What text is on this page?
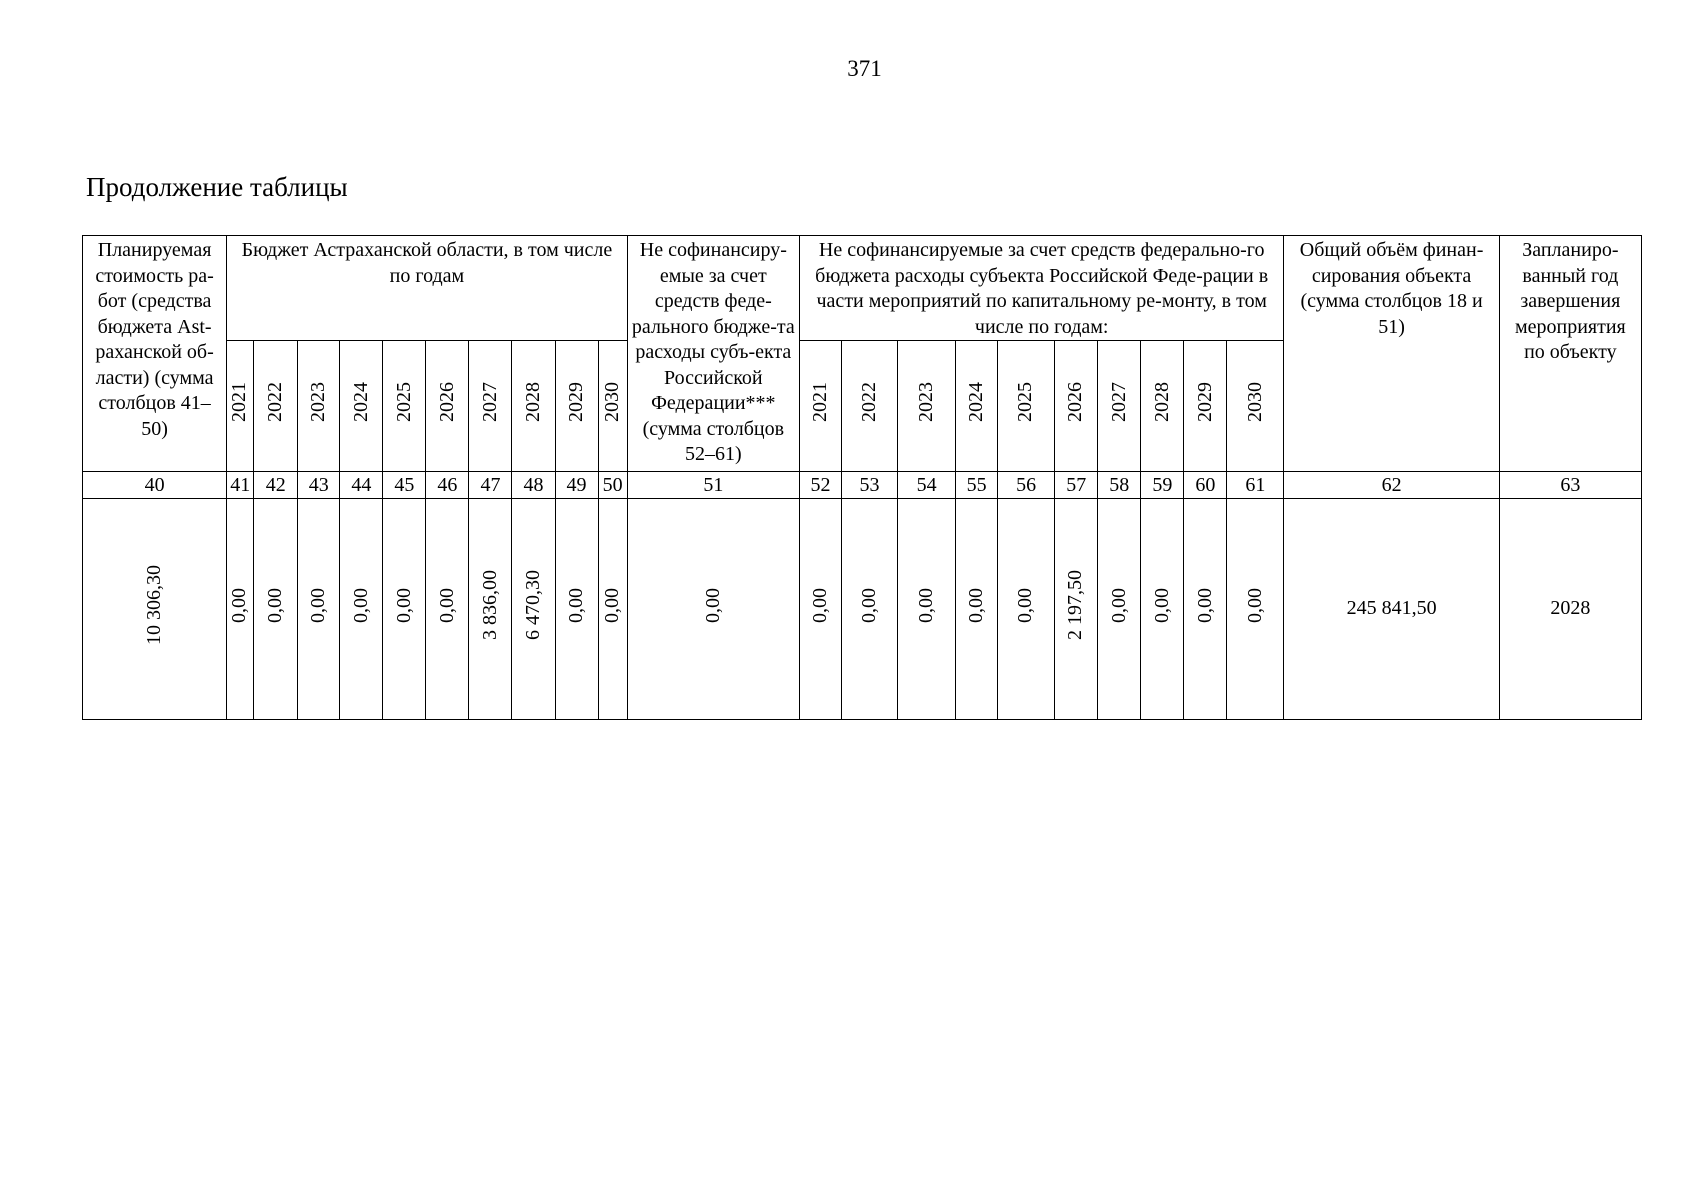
371
Продолжение таблицы
Планируемая стоимость ра-бот (средства бюджета Ast-раханской об-ласти) (сумма столбцов 41–50)	Бюджет Астраханской области, в том числе по годам										Не софинансиру-емые за счет средств феде-рального бюдже-та расходы субъ-екта Российской Федерации*** (сумма столбцов 52–61)	Не софинансируемые за счет средств федерально-го бюджета расходы субъекта Российской Феде-рации в части мероприятий по капитальному ре-монту, в том числе по годам:										Общий объём финан-сирования объекта (сумма столбцов 18 и 51)	Запланиро-ванный год завершения мероприятия по объекту
	2021	2022	2023	2024	2025	2026	2027	2028	2029	2030		2021	2022	2023	2024	2025	2026	2027	2028	2029	2030		
40	41	42	43	44	45	46	47	48	49	50	51	52	53	54	55	56	57	58	59	60	61	62	63
10 306,30	0,00	0,00	0,00	0,00	0,00	0,00	3 836,00	6 470,30	0,00	0,00	0,00	0,00	0,00	0,00	0,00	0,00	2 197,50	0,00	0,00	0,00	0,00	245 841,50	2028
